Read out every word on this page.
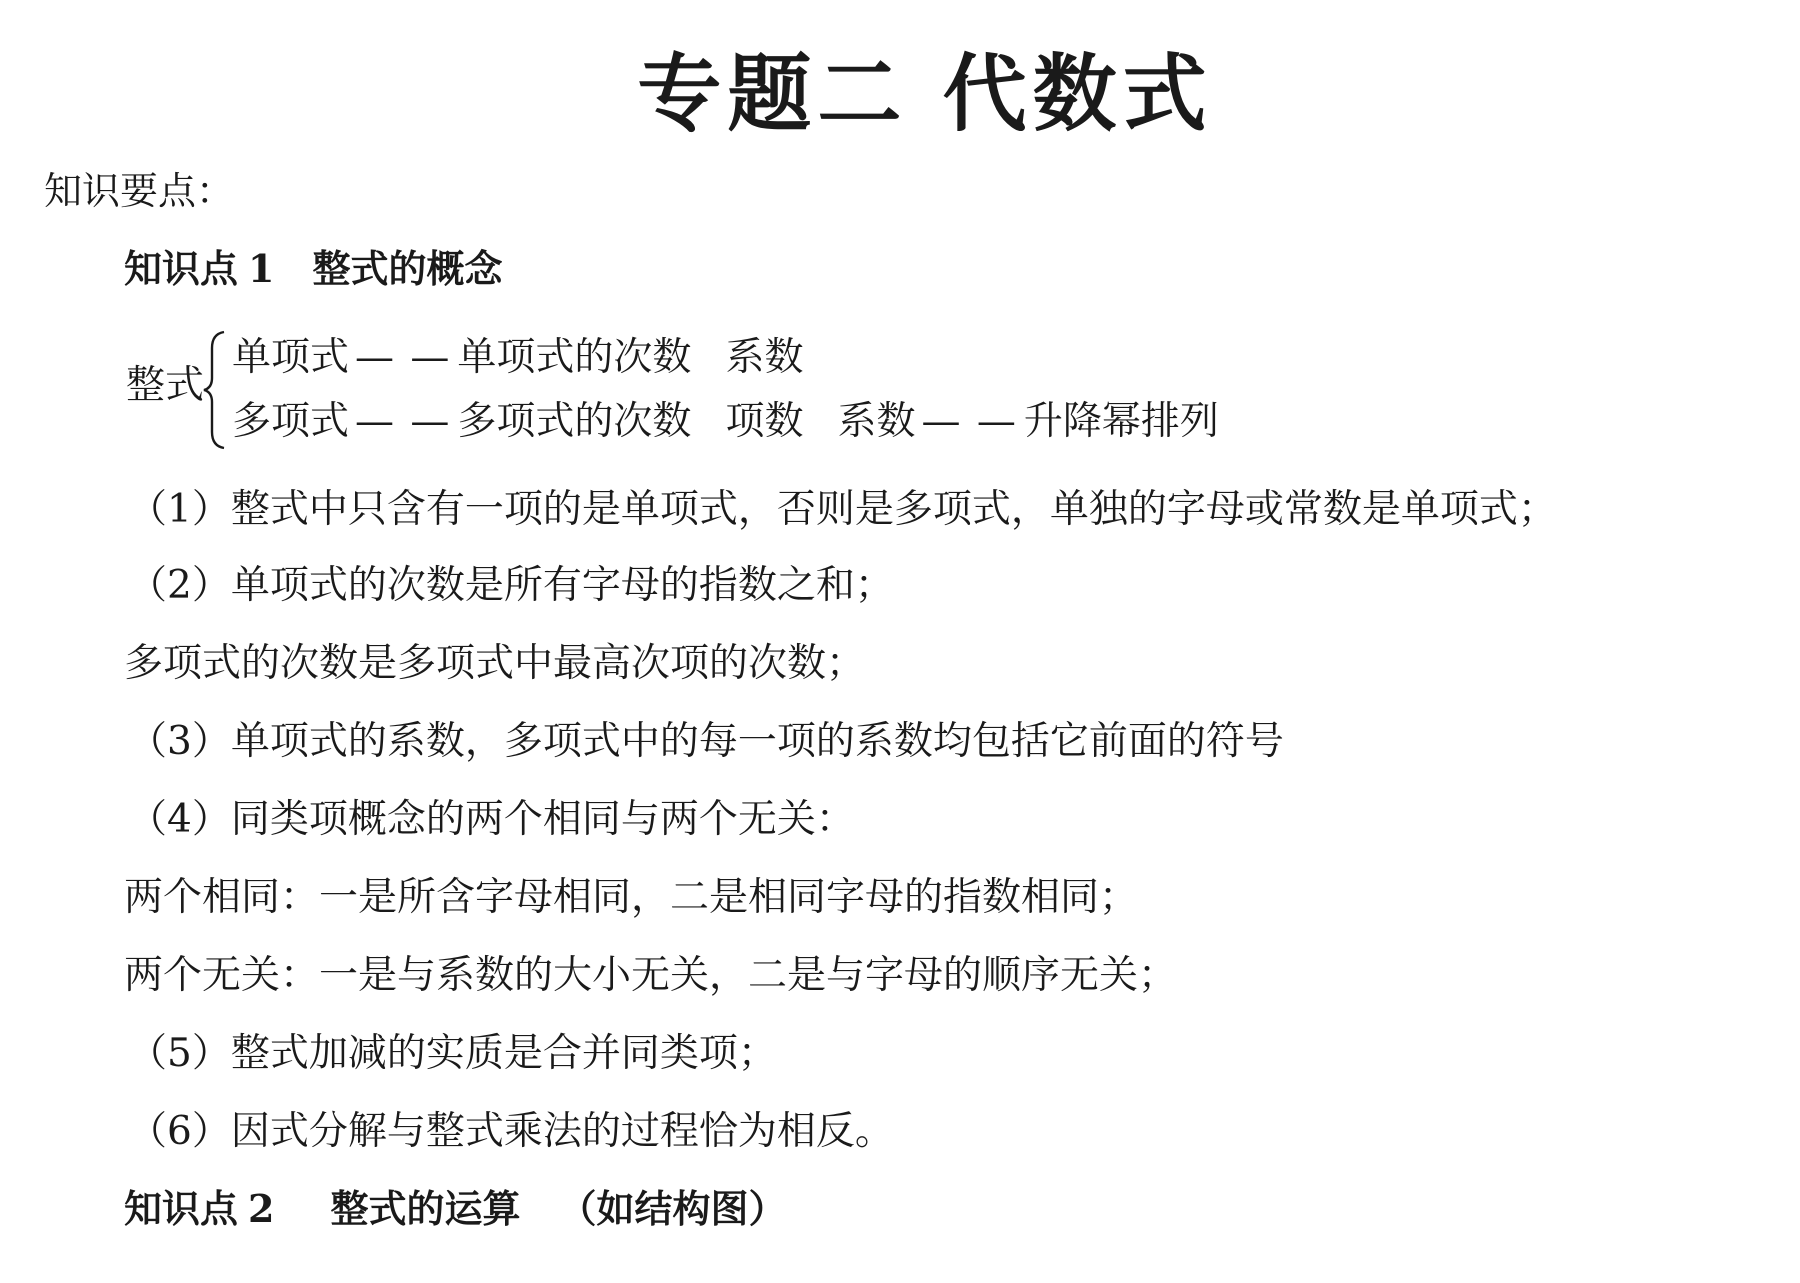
专题二 代数式
知识要点：
知识点 1 整式的概念
整式
单项式 — — 单项式的次数 系数
多项式 — — 多项式的次数 项数 系数 — — 升降幂排列
（1）整式中只含有一项的是单项式，否则是多项式，单独的字母或常数是单项式；
（2）单项式的次数是所有字母的指数之和；
多项式的次数是多项式中最高次项的次数；
（3）单项式的系数，多项式中的每一项的系数均包括它前面的符号
（4）同类项概念的两个相同与两个无关：
两个相同：一是所含字母相同，二是相同字母的指数相同；
两个无关：一是与系数的大小无关，二是与字母的顺序无关；
（5）整式加减的实质是合并同类项；
（6）因式分解与整式乘法的过程恰为相反。
知识点 2 整式的运算 （如结构图）
